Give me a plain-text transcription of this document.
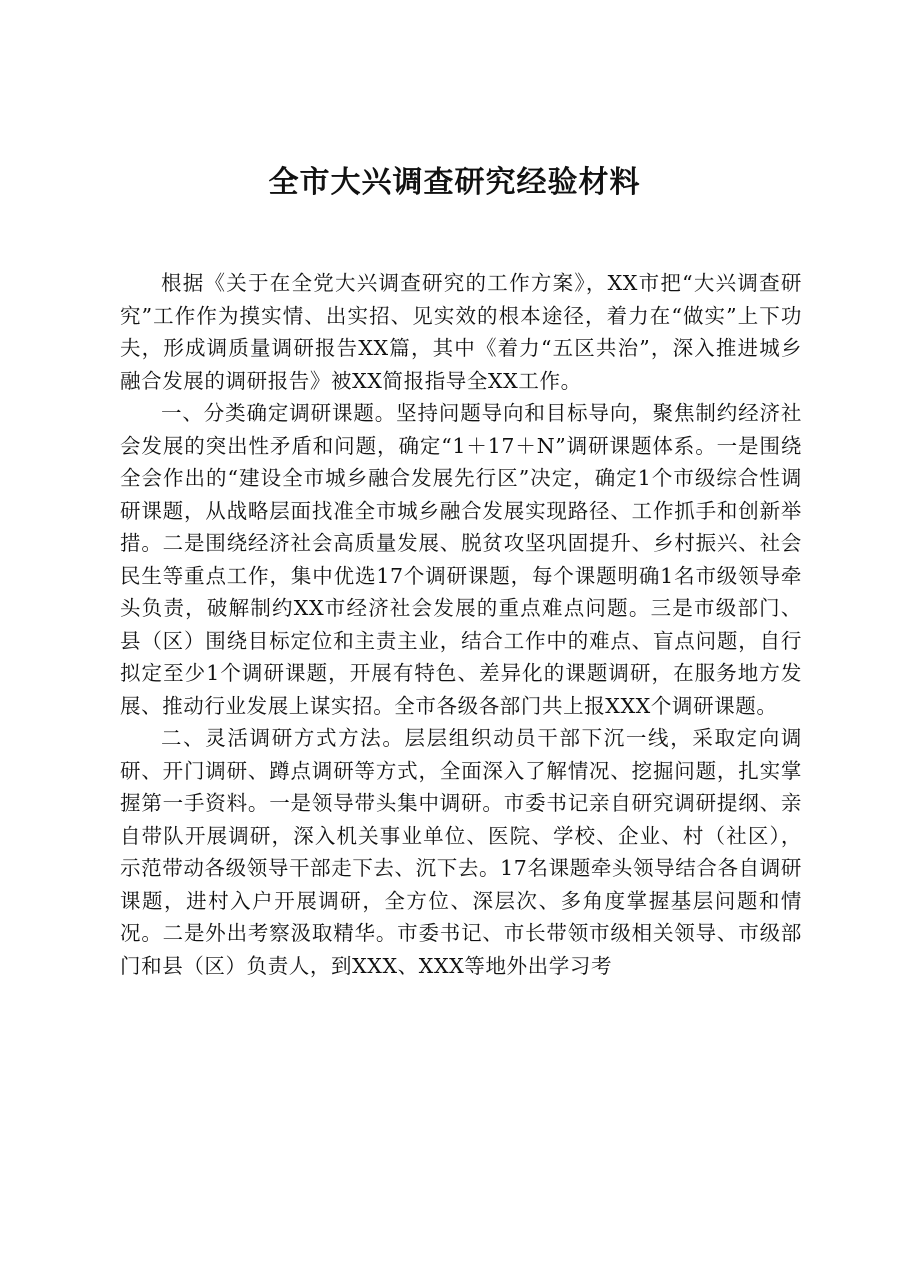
全市大兴调查研究经验材料

根据《关于在全党大兴调查研究的工作方案》，XX市把“大兴调查研究”工作作为摸实情、出实招、见实效的根本途径，着力在“做实”上下功夫，形成调质量调研报告XX篇，其中《着力“五区共治”，深入推进城乡融合发展的调研报告》被XX简报指导全XX工作。

一、分类确定调研课题。坚持问题导向和目标导向，聚焦制约经济社会发展的突出性矛盾和问题，确定“1＋17＋N”调研课题体系。一是围绕全会作出的“建设全市城乡融合发展先行区”决定，确定1个市级综合性调研课题，从战略层面找准全市城乡融合发展实现路径、工作抓手和创新举措。二是围绕经济社会高质量发展、脱贫攻坚巩固提升、乡村振兴、社会民生等重点工作，集中优选17个调研课题，每个课题明确1名市级领导牵头负责，破解制约XX市经济社会发展的重点难点问题。三是市级部门、县（区）围绕目标定位和主责主业，结合工作中的难点、盲点问题，自行拟定至少1个调研课题，开展有特色、差异化的课题调研，在服务地方发展、推动行业发展上谋实招。全市各级各部门共上报XXX个调研课题。

二、灵活调研方式方法。层层组织动员干部下沉一线，采取定向调研、开门调研、蹲点调研等方式，全面深入了解情况、挖掘问题，扎实掌握第一手资料。一是领导带头集中调研。市委书记亲自研究调研提纲、亲自带队开展调研，深入机关事业单位、医院、学校、企业、村（社区），示范带动各级领导干部走下去、沉下去。17名课题牵头领导结合各自调研课题，进村入户开展调研，全方位、深层次、多角度掌握基层问题和情况。二是外出考察汲取精华。市委书记、市长带领市级相关领导、市级部门和县（区）负责人，到XXX、XXX等地外出学习考
